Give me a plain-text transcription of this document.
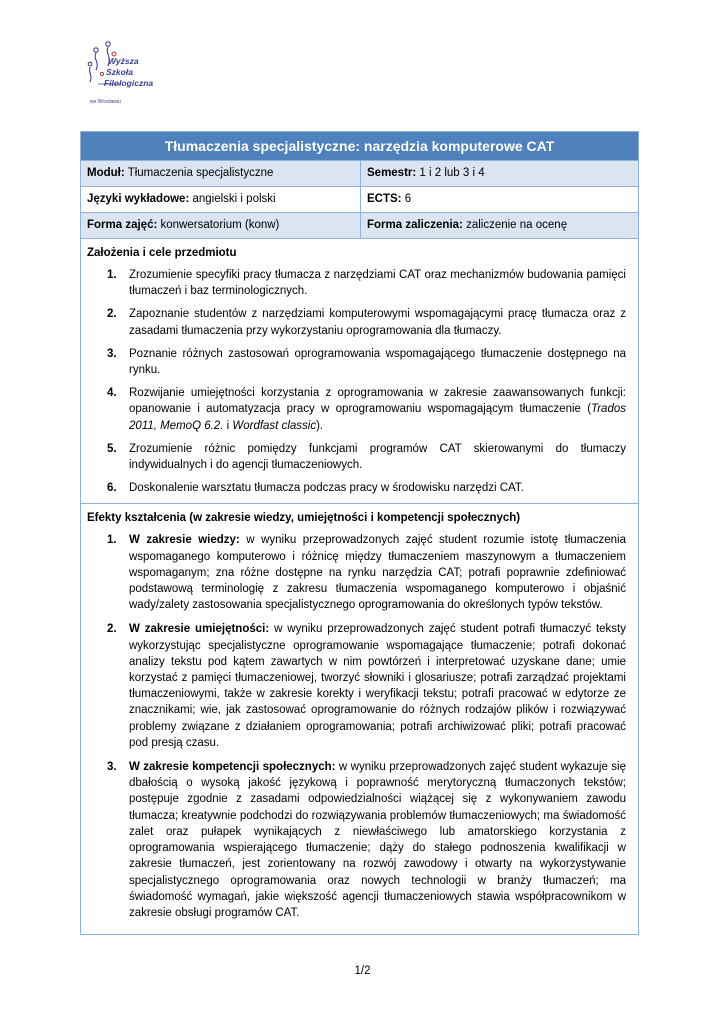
Wyższa
Szkoła
Filologiczna
we Wrocławiu
Tłumaczenia specjalistyczne: narzędzia komputerowe CAT
Moduł: Tłumaczenia specjalistyczne	Semestr: 1 i 2 lub 3 i 4
Języki wykładowe: angielski i polski	ECTS: 6
Forma zajęć: konwersatorium (konw)	Forma zaliczenia: zaliczenie na ocenę
Założenia i cele przedmiotu
1. Zrozumienie specyfiki pracy tłumacza z narzędziami CAT oraz mechanizmów budowania pamięci tłumaczeń i baz terminologicznych.
2. Zapoznanie studentów z narzędziami komputerowymi wspomagającymi pracę tłumacza oraz z zasadami tłumaczenia przy wykorzystaniu oprogramowania dla tłumaczy.
3. Poznanie różnych zastosowań oprogramowania wspomagającego tłumaczenie dostępnego na rynku.
4. Rozwijanie umiejętności korzystania z oprogramowania w zakresie zaawansowanych funkcji: opanowanie i automatyzacja pracy w oprogramowaniu wspomagającym tłumaczenie (Trados 2011, MemoQ 6.2. i Wordfast classic).
5. Zrozumienie różnic pomiędzy funkcjami programów CAT skierowanymi do tłumaczy indywidualnych i do agencji tłumaczeniowych.
6. Doskonalenie warsztatu tłumacza podczas pracy w środowisku narzędzi CAT.
Efekty kształcenia (w zakresie wiedzy, umiejętności i kompetencji społecznych)
1. W zakresie wiedzy: w wyniku przeprowadzonych zajęć student rozumie istotę tłumaczenia wspomaganego komputerowo i różnicę między tłumaczeniem maszynowym a tłumaczeniem wspomaganym; zna różne dostępne na rynku narzędzia CAT; potrafi poprawnie zdefiniować podstawową terminologię z zakresu tłumaczenia wspomaganego komputerowo i objaśnić wady/zalety zastosowania specjalistycznego oprogramowania do określonych typów tekstów.
2. W zakresie umiejętności: w wyniku przeprowadzonych zajęć student potrafi tłumaczyć teksty wykorzystując specjalistyczne oprogramowanie wspomagające tłumaczenie; potrafi dokonać analizy tekstu pod kątem zawartych w nim powtórzeń i interpretować uzyskane dane; umie korzystać z pamięci tłumaczeniowej, tworzyć słowniki i glosariusze; potrafi zarządzać projektami tłumaczeniowymi, także w zakresie korekty i weryfikacji tekstu; potrafi pracować w edytorze ze znacznikami; wie, jak zastosować oprogramowanie do różnych rodzajów plików i rozwiązywać problemy związane z działaniem oprogramowania; potrafi archiwizować pliki; potrafi pracować pod presją czasu.
3. W zakresie kompetencji społecznych: w wyniku przeprowadzonych zajęć student wykazuje się dbałością o wysoką jakość językową i poprawność merytoryczną tłumaczonych tekstów; postępuje zgodnie z zasadami odpowiedzialności wiążącej się z wykonywaniem zawodu tłumacza; kreatywnie podchodzi do rozwiązywania problemów tłumaczeniowych; ma świadomość zalet oraz pułapek wynikających z niewłaściwego lub amatorskiego korzystania z oprogramowania wspierającego tłumaczenie; dąży do stałego podnoszenia kwalifikacji w zakresie tłumaczeń, jest zorientowany na rozwój zawodowy i otwarty na wykorzystywanie specjalistycznego oprogramowania oraz nowych technologii w branży tłumaczeń; ma świadomość wymagań, jakie większość agencji tłumaczeniowych stawia współpracownikom w zakresie obsługi programów CAT.
1/2
